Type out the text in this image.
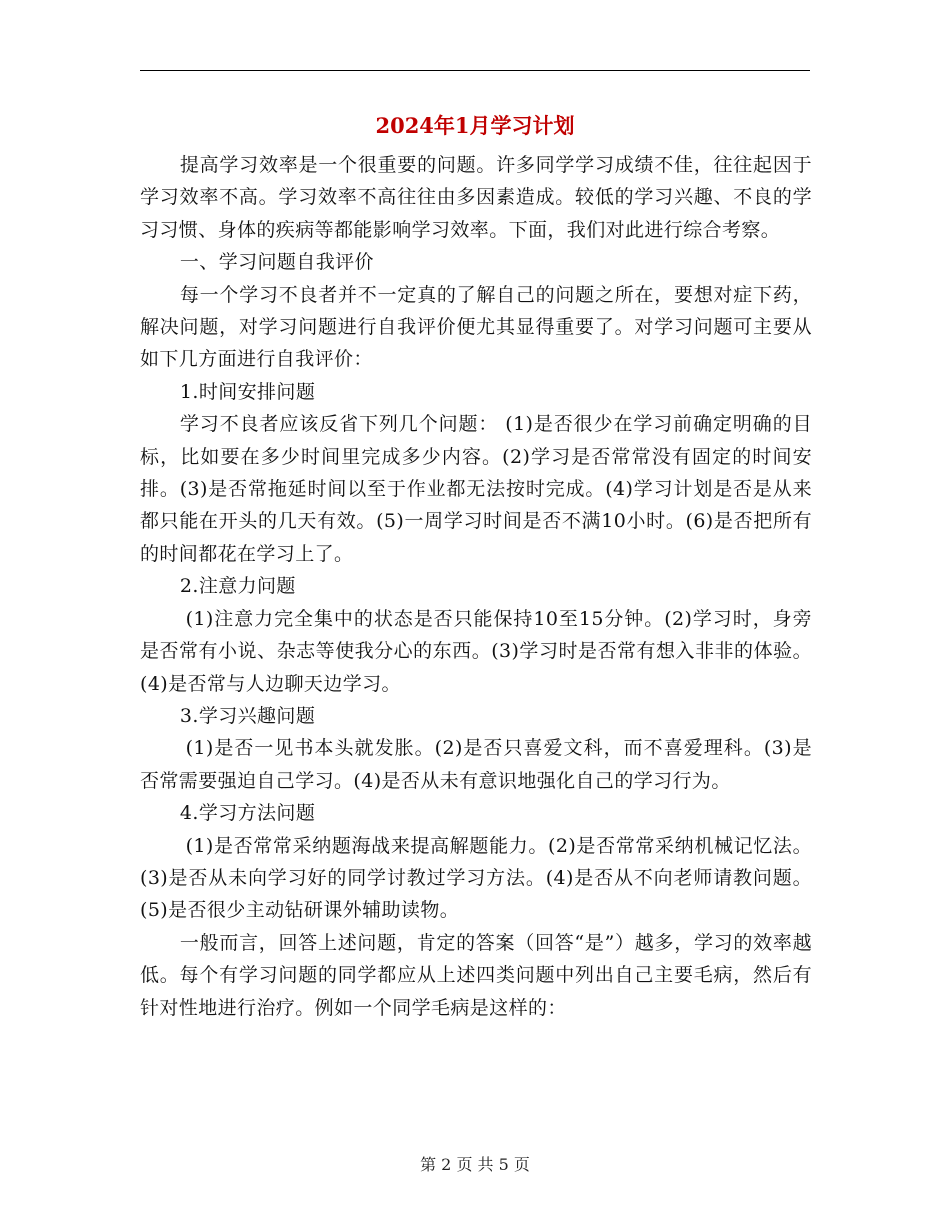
2024年1月学习计划

提高学习效率是一个很重要的问题。许多同学学习成绩不佳，往往起因于学习效率不高。学习效率不高往往由多因素造成。较低的学习兴趣、不良的学习习惯、身体的疾病等都能影响学习效率。下面，我们对此进行综合考察。

一、学习问题自我评价

每一个学习不良者并不一定真的了解自己的问题之所在，要想对症下药，解决问题，对学习问题进行自我评价便尤其显得重要了。对学习问题可主要从如下几方面进行自我评价：

1.时间安排问题

学习不良者应该反省下列几个问题： (1)是否很少在学习前确定明确的目标，比如要在多少时间里完成多少内容。(2)学习是否常常没有固定的时间安排。(3)是否常拖延时间以至于作业都无法按时完成。(4)学习计划是否是从来都只能在开头的几天有效。(5)一周学习时间是否不满10小时。(6)是否把所有的时间都花在学习上了。

2.注意力问题

(1)注意力完全集中的状态是否只能保持10至15分钟。(2)学习时，身旁是否常有小说、杂志等使我分心的东西。(3)学习时是否常有想入非非的体验。(4)是否常与人边聊天边学习。

3.学习兴趣问题

(1)是否一见书本头就发胀。(2)是否只喜爱文科，而不喜爱理科。(3)是否常需要强迫自己学习。(4)是否从未有意识地强化自己的学习行为。

4.学习方法问题

(1)是否常常采纳题海战来提高解题能力。(2)是否常常采纳机械记忆法。(3)是否从未向学习好的同学讨教过学习方法。(4)是否从不向老师请教问题。(5)是否很少主动钻研课外辅助读物。

一般而言，回答上述问题，肯定的答案（回答“是”）越多，学习的效率越低。每个有学习问题的同学都应从上述四类问题中列出自己主要毛病，然后有针对性地进行治疗。例如一个同学毛病是这样的：

第 2 页 共 5 页
